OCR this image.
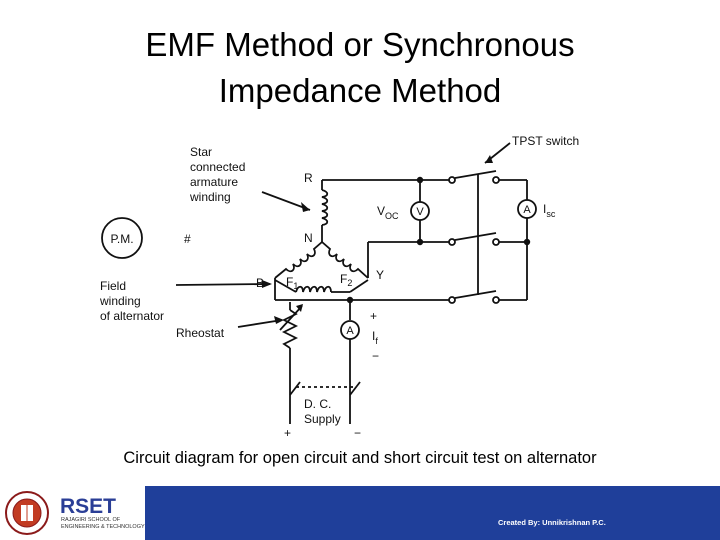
EMF Method or Synchronous
Impedance Method
P.M.	#
Star
connected
armature
winding
TPST switch
R
N
B
Y
$F_1$	$F_2$
$V_{OC}$ V	A $I_{sc}$
Field
winding
of alternator
Rheostat
+
A $I_f$
−
D. C.
Supply
+	−
Circuit diagram for open circuit and short circuit test on alternator
RSET
RAJAGIRI SCHOOL OF
ENGINEERING & TECHNOLOGY	Created By: Unnikrishnan P.C.
